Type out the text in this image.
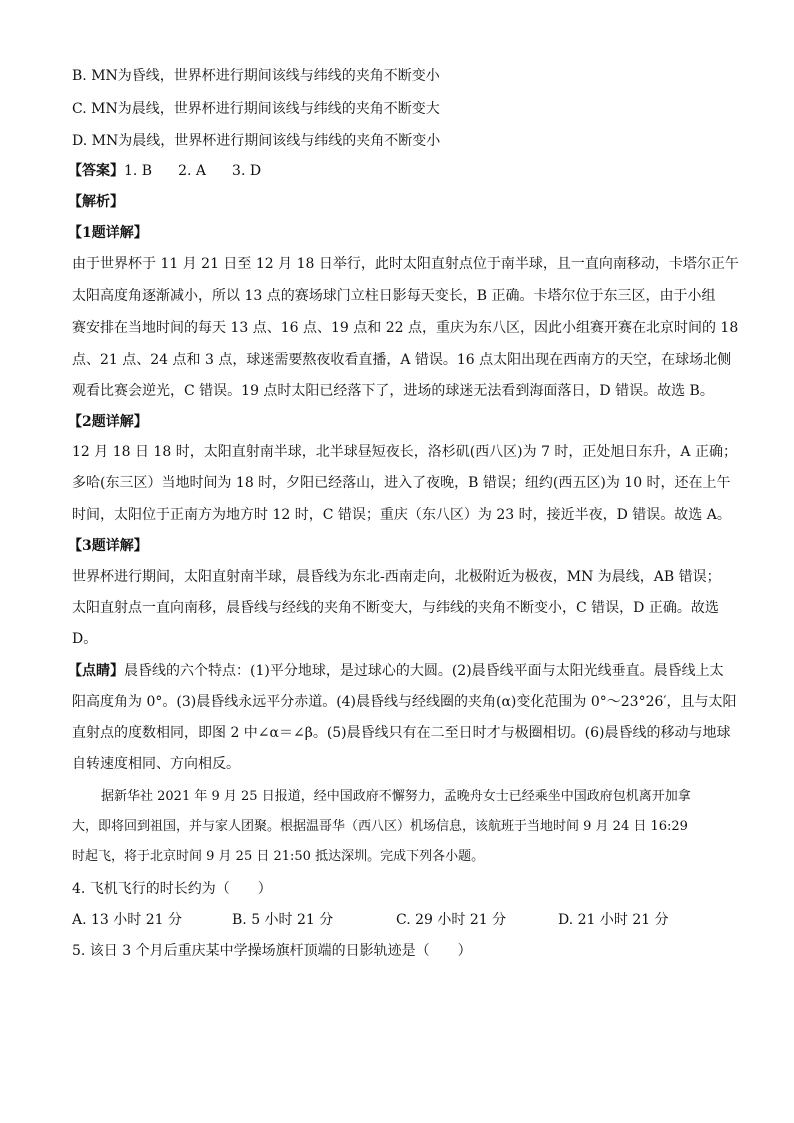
B. MN为昏线，世界杯进行期间该线与纬线的夹角不断变小
C. MN为晨线，世界杯进行期间该线与纬线的夹角不断变大
D. MN为晨线，世界杯进行期间该线与纬线的夹角不断变小
【答案】1. B 2. A 3. D
【解析】
【1题详解】
由于世界杯于 11 月 21 日至 12 月 18 日举行，此时太阳直射点位于南半球，且一直向南移动，卡塔尔正午
太阳高度角逐渐减小，所以 13 点的赛场球门立柱日影每天变长，B 正确。卡塔尔位于东三区，由于小组
赛安排在当地时间的每天 13 点、16 点、19 点和 22 点，重庆为东八区，因此小组赛开赛在北京时间的 18
点、21 点、24 点和 3 点，球迷需要熬夜收看直播，A 错误。16 点太阳出现在西南方的天空，在球场北侧
观看比赛会逆光，C 错误。19 点时太阳已经落下了，进场的球迷无法看到海面落日，D 错误。故选 B。
【2题详解】
12 月 18 日 18 时，太阳直射南半球，北半球昼短夜长，洛杉矶(西八区)为 7 时，正处旭日东升，A 正确；
多哈(东三区）当地时间为 18 时，夕阳已经落山，进入了夜晚，B 错误；纽约(西五区)为 10 时，还在上午
时间，太阳位于正南方为地方时 12 时，C 错误；重庆（东八区）为 23 时，接近半夜，D 错误。故选 A。
【3题详解】
世界杯进行期间，太阳直射南半球，晨昏线为东北-西南走向，北极附近为极夜，MN 为晨线，AB 错误；
太阳直射点一直向南移，晨昏线与经线的夹角不断变大，与纬线的夹角不断变小，C 错误，D 正确。故选
D。
【点睛】晨昏线的六个特点：(1)平分地球，是过球心的大圆。(2)晨昏线平面与太阳光线垂直。晨昏线上太
阳高度角为 0°。(3)晨昏线永远平分赤道。(4)晨昏线与经线圈的夹角(α)变化范围为 0°～23°26′，且与太阳
直射点的度数相同，即图 2 中∠α＝∠β。(5)晨昏线只有在二至日时才与极圈相切。(6)晨昏线的移动与地球
自转速度相同、方向相反。
据新华社 2021 年 9 月 25 日报道，经中国政府不懈努力，孟晚舟女士已经乘坐中国政府包机离开加拿
大，即将回到祖国，并与家人团聚。根据温哥华（西八区）机场信息，该航班于当地时间 9 月 24 日 16:29
时起飞，将于北京时间 9 月 25 日 21:50 抵达深圳。完成下列各小题。
4. 飞机飞行的时长约为（　　）
A. 13 小时 21 分	B. 5 小时 21 分	C. 29 小时 21 分	D. 21 小时 21 分
5. 该日 3 个月后重庆某中学操场旗杆顶端的日影轨迹是（　　）
